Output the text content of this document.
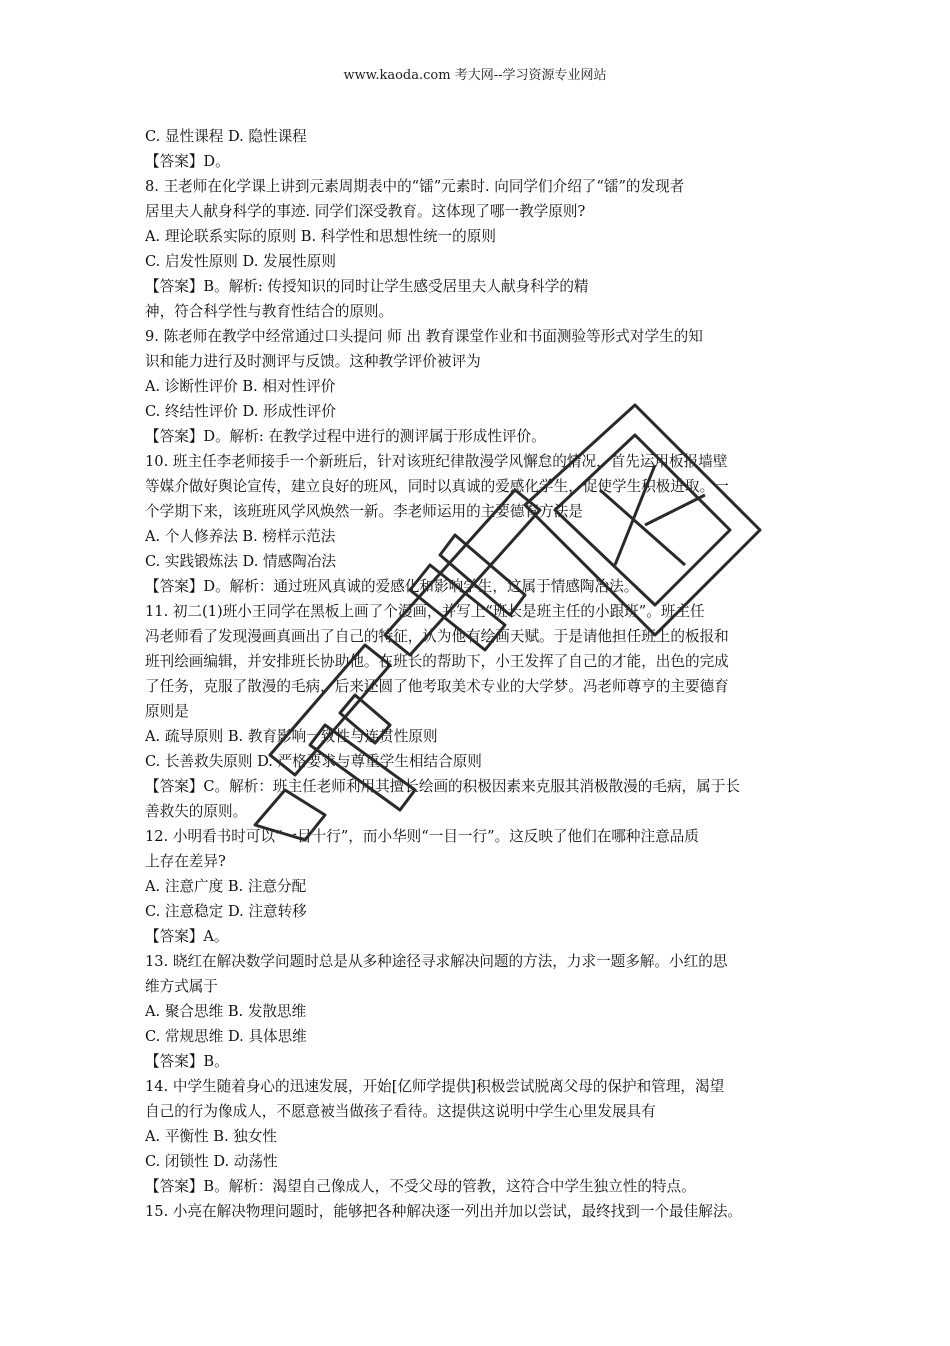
www.kaoda.com 考大网--学习资源专业网站
C. 显性课程 D. 隐性课程
【答案】D。
8. 王老师在化学课上讲到元素周期表中的“镭”元素时. 向同学们介绍了“镭”的发现者
居里夫人献身科学的事迹. 同学们深受教育。这体现了哪一教学原则?
A. 理论联系实际的原则 B. 科学性和思想性统一的原则
C. 启发性原则 D. 发展性原则
【答案】B。解析: 传授知识的同时让学生感受居里夫人献身科学的精
神，符合科学性与教育性结合的原则。
9. 陈老师在教学中经常通过口头提问 师 出 教育课堂作业和书面测验等形式对学生的知
识和能力进行及时测评与反馈。这种教学评价被评为
A. 诊断性评价 B. 相对性评价
C. 终结性评价 D. 形成性评价
【答案】D。解析: 在教学过程中进行的测评属于形成性评价。
10. 班主任李老师接手一个新班后，针对该班纪律散漫学风懈怠的情况，首先运用板报墙壁
等媒介做好舆论宣传，建立良好的班风，同时以真诚的爱感化学生，促使学生积极进取。一
个学期下来，该班班风学风焕然一新。李老师运用的主要德育方法是
A. 个人修养法 B. 榜样示范法
C. 实践锻炼法 D. 情感陶冶法
【答案】D。解析：通过班风真诚的爱感化和影响学生，这属于情感陶冶法。
11. 初二(1)班小王同学在黑板上画了个漫画，并写上“班长是班主任的小跟班”。班主任
冯老师看了发现漫画真画出了自己的特征，认为他有绘画天赋。于是请他担任班上的板报和
班刊绘画编辑，并安排班长协助他。在班长的帮助下，小王发挥了自己的才能，出色的完成
了任务，克服了散漫的毛病，后来还圆了他考取美术专业的大学梦。冯老师尊亨的主要德育
原则是
A. 疏导原则 B. 教育影响一致性与连贯性原则
C. 长善救失原则 D. 严格要求与尊重学生相结合原则
【答案】C。解析：班主任老师利用其擅长绘画的积极因素来克服其消极散漫的毛病，属于长
善救失的原则。
12. 小明看书时可以“一目十行”，而小华则“一目一行”。这反映了他们在哪种注意品质
上存在差异?
A. 注意广度 B. 注意分配
C. 注意稳定 D. 注意转移
【答案】A。
13. 晓红在解决数学问题时总是从多种途径寻求解决问题的方法，力求一题多解。小红的思
维方式属于
A. 聚合思维 B. 发散思维
C. 常规思维 D. 具体思维
【答案】B。
14. 中学生随着身心的迅速发展，开始[亿师学提供]积极尝试脱离父母的保护和管理，渴望
自己的行为像成人，不愿意被当做孩子看待。这提供这说明中学生心里发展具有
A. 平衡性 B. 独女性
C. 闭锁性 D. 动荡性
【答案】B。解析：渴望自己像成人，不受父母的管教，这符合中学生独立性的特点。
15. 小亮在解决物理问题时，能够把各种解决逐一列出并加以尝试，最终找到一个最佳解法。
